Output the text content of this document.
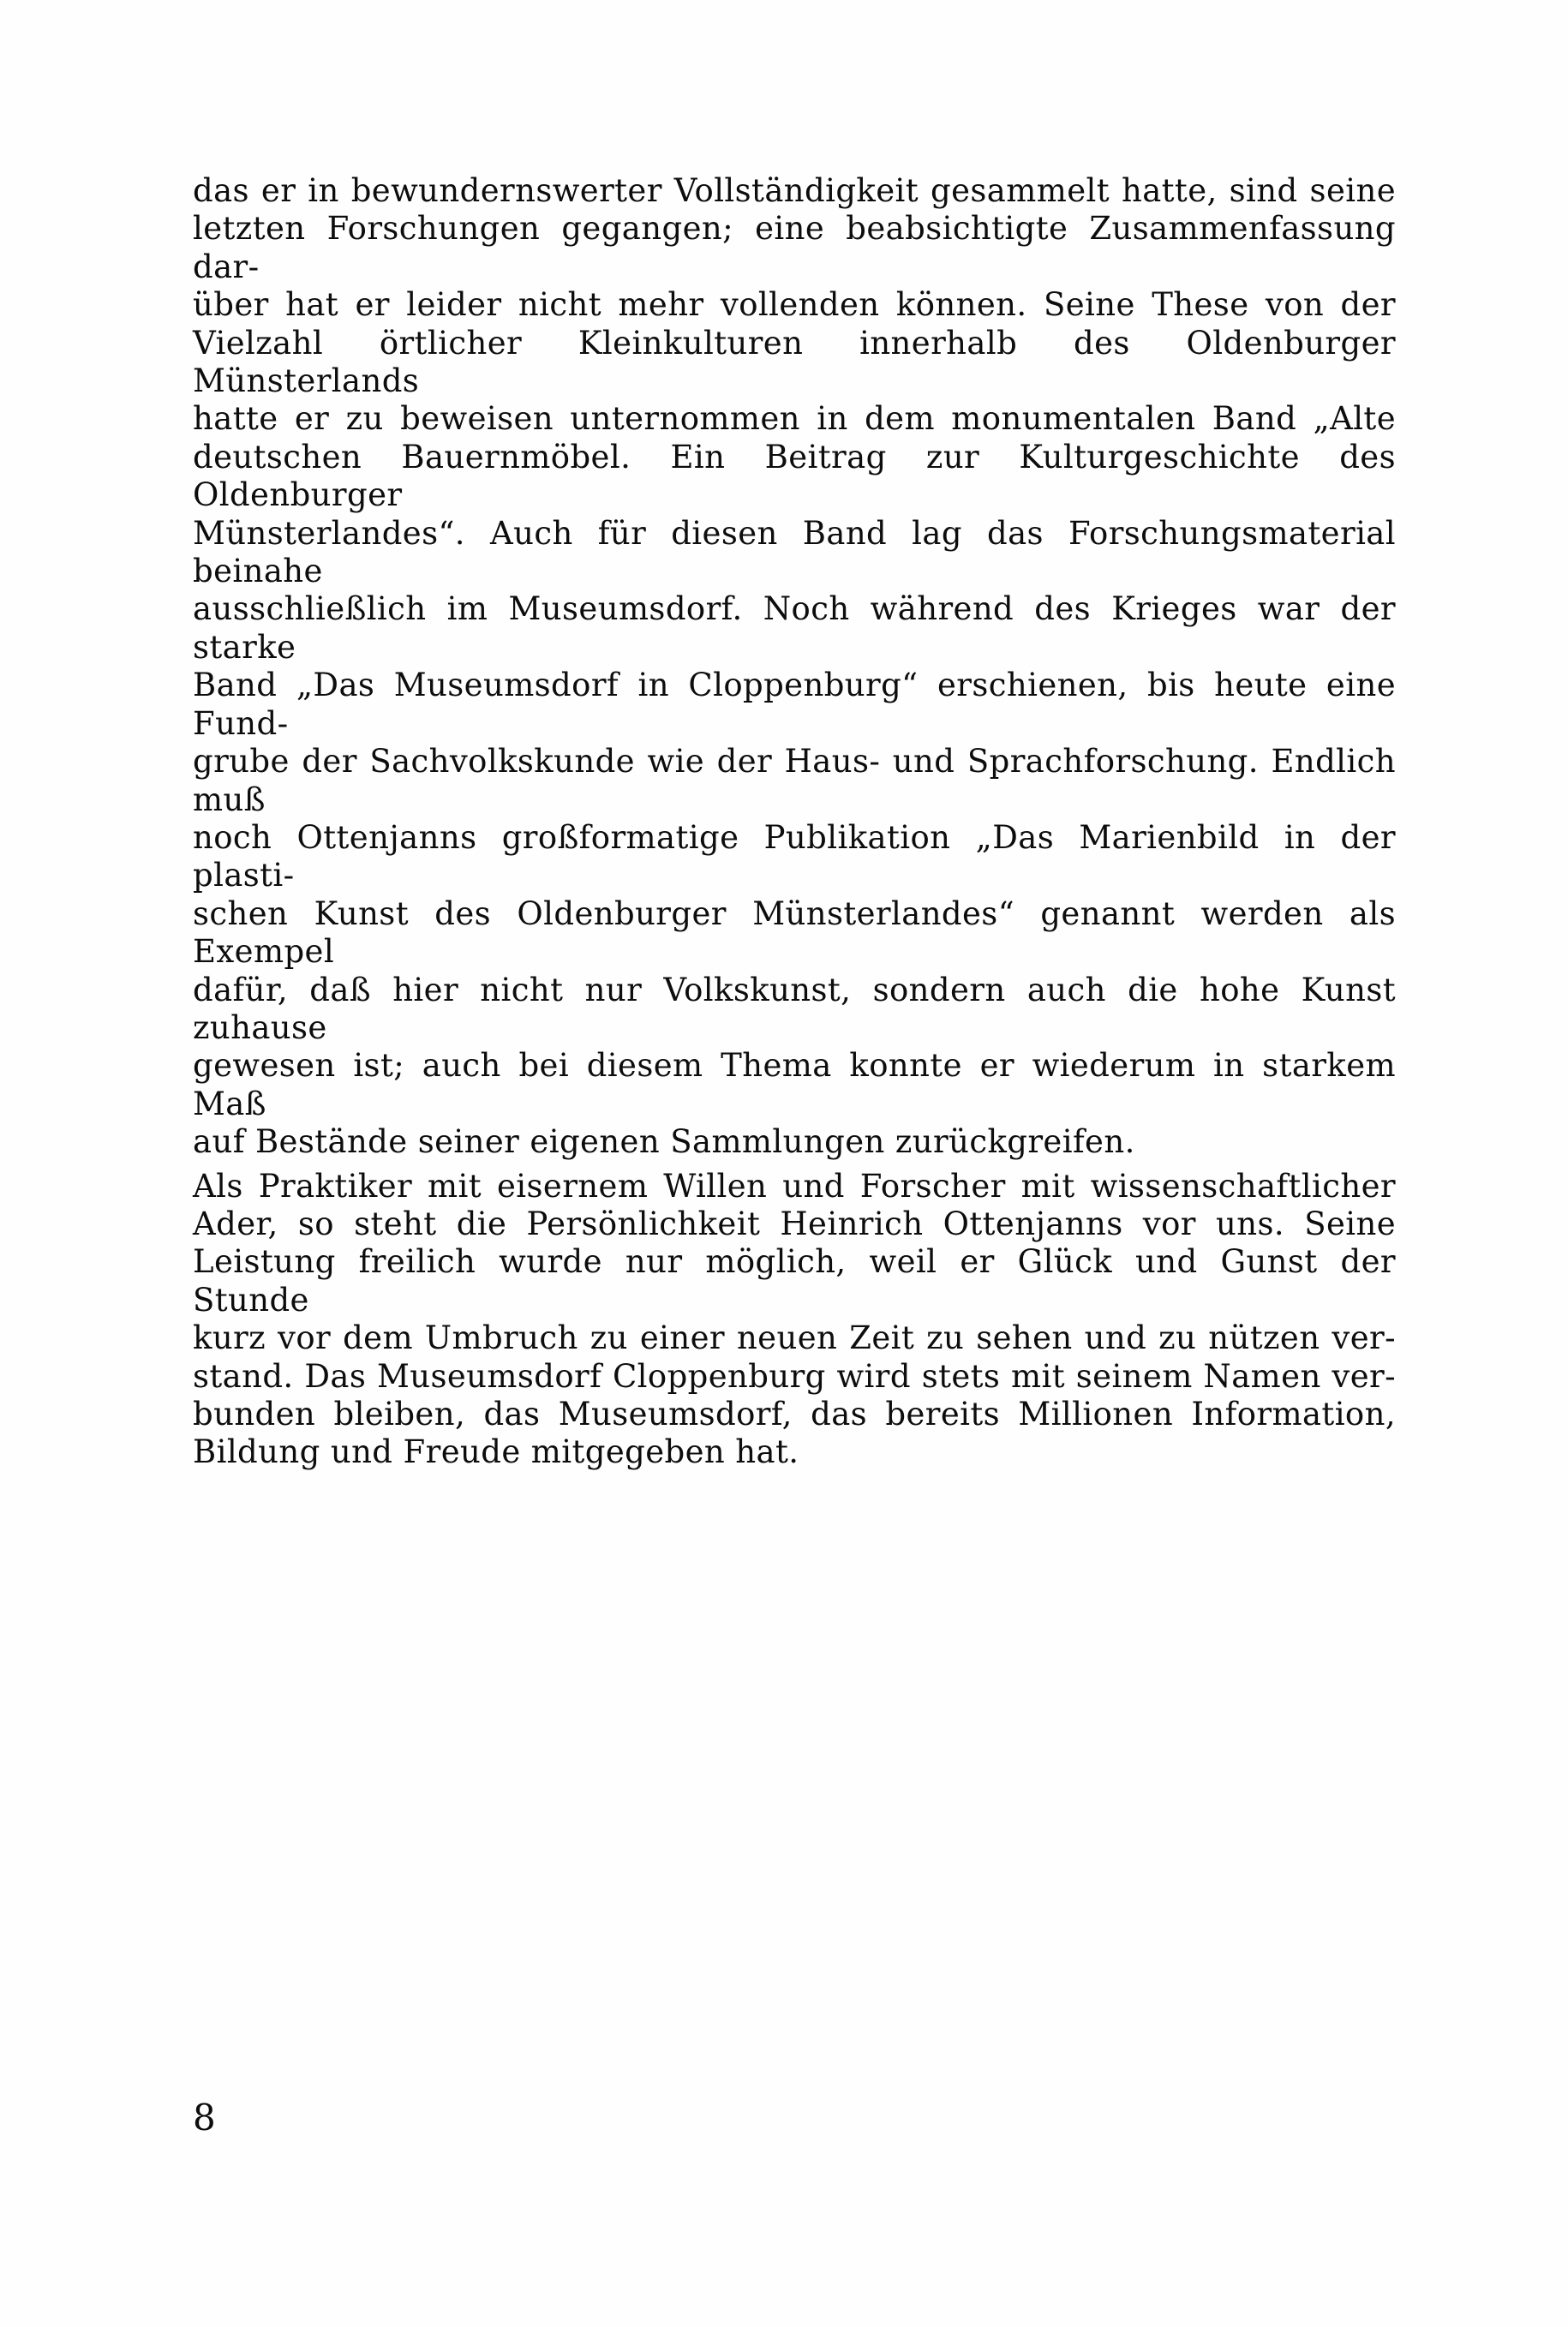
das er in bewundernswerter Vollständigkeit gesammelt hatte, sind seine
letzten Forschungen gegangen; eine beabsichtigte Zusammenfassung dar-
über hat er leider nicht mehr vollenden können. Seine These von der
Vielzahl örtlicher Kleinkulturen innerhalb des Oldenburger Münsterlands
hatte er zu beweisen unternommen in dem monumentalen Band „Alte
deutschen Bauernmöbel. Ein Beitrag zur Kulturgeschichte des Oldenburger
Münsterlandes“. Auch für diesen Band lag das Forschungsmaterial beinahe
ausschließlich im Museumsdorf. Noch während des Krieges war der starke
Band „Das Museumsdorf in Cloppenburg“ erschienen, bis heute eine Fund-
grube der Sachvolkskunde wie der Haus- und Sprachforschung. Endlich muß
noch Ottenjanns großformatige Publikation „Das Marienbild in der plasti-
schen Kunst des Oldenburger Münsterlandes“ genannt werden als Exempel
dafür, daß hier nicht nur Volkskunst, sondern auch die hohe Kunst zuhause
gewesen ist; auch bei diesem Thema konnte er wiederum in starkem Maß
auf Bestände seiner eigenen Sammlungen zurückgreifen.
Als Praktiker mit eisernem Willen und Forscher mit wissenschaftlicher
Ader, so steht die Persönlichkeit Heinrich Ottenjanns vor uns. Seine
Leistung freilich wurde nur möglich, weil er Glück und Gunst der Stunde
kurz vor dem Umbruch zu einer neuen Zeit zu sehen und zu nützen ver-
stand. Das Museumsdorf Cloppenburg wird stets mit seinem Namen ver-
bunden bleiben, das Museumsdorf, das bereits Millionen Information,
Bildung und Freude mitgegeben hat.
8
